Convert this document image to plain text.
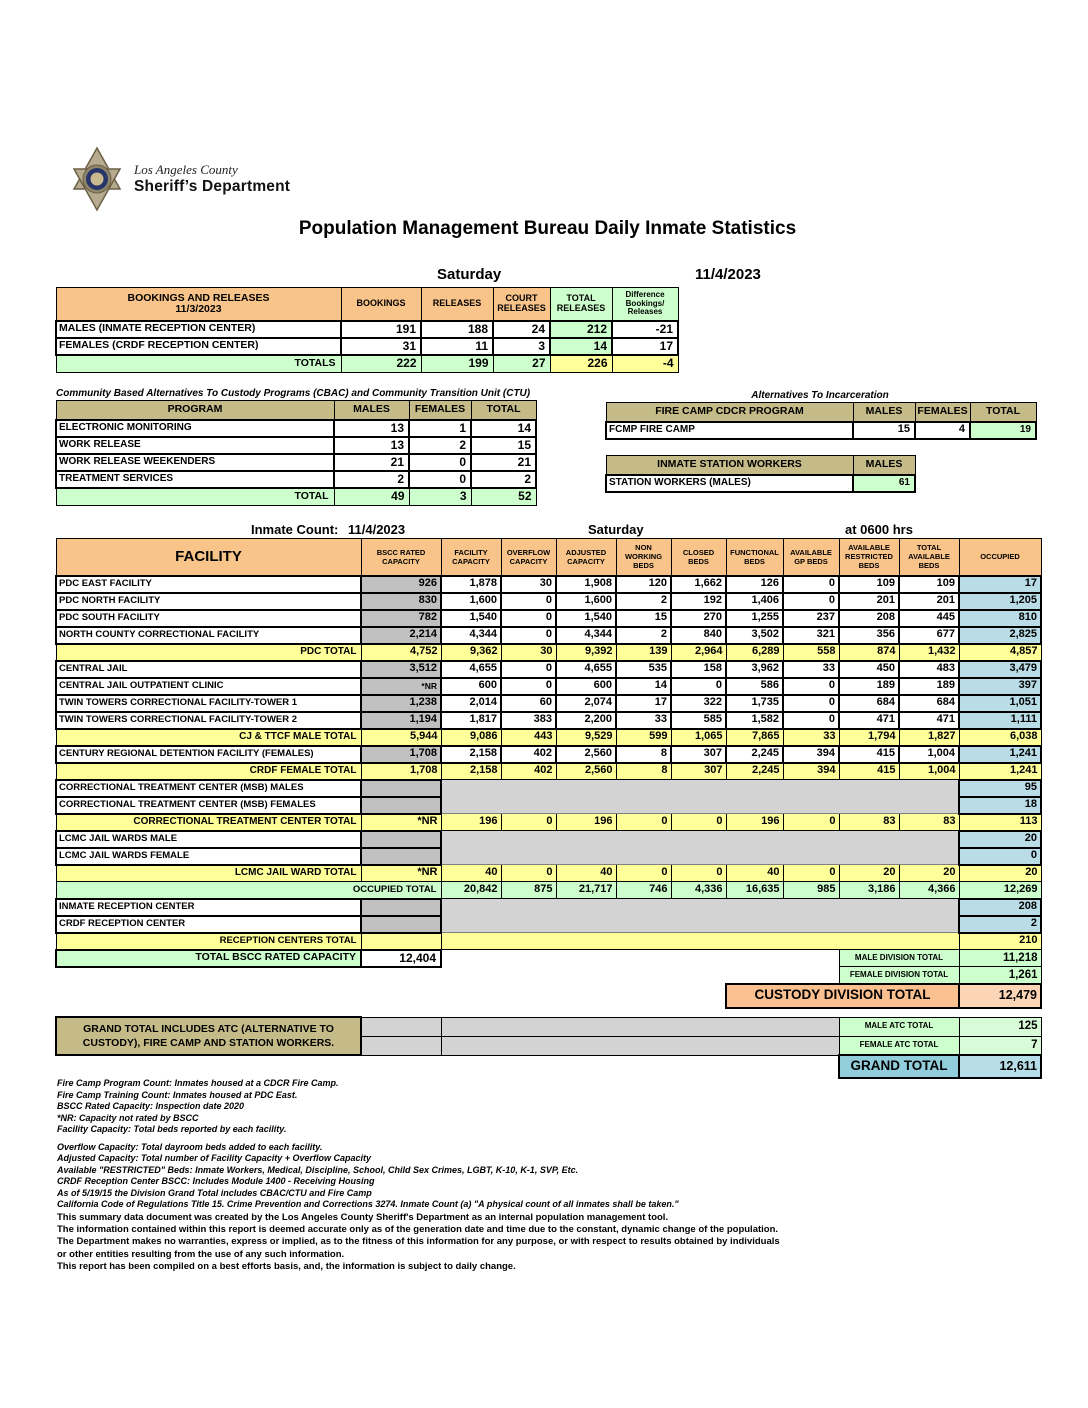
Los Angeles County
Sheriff’s Department
Population Management Bureau Daily Inmate Statistics
Saturday	11/4/2023
BOOKINGS AND RELEASES
11/3/2023	BOOKINGS	RELEASES	COURT RELEASES	TOTAL RELEASES	Difference Bookings/ Releases
MALES (INMATE RECEPTION CENTER)	191	188	24	212	-21
FEMALES (CRDF RECEPTION CENTER)	31	11	3	14	17
TOTALS	222	199	27	226	-4
Community Based Alternatives To Custody Programs (CBAC) and Community Transition Unit (CTU)
PROGRAM	MALES	FEMALES	TOTAL
ELECTRONIC MONITORING	13	1	14
WORK RELEASE	13	2	15
WORK RELEASE WEEKENDERS	21	0	21
TREATMENT SERVICES	2	0	2
TOTAL	49	3	52
Alternatives To Incarceration
FIRE CAMP CDCR PROGRAM	MALES	FEMALES	TOTAL
FCMP FIRE CAMP	15	4	19
INMATE STATION WORKERS	MALES
STATION WORKERS (MALES)	61
Inmate Count: 11/4/2023	Saturday	at 0600 hrs
FACILITY	BSCC RATED CAPACITY	FACILITY CAPACITY	OVERFLOW CAPACITY	ADJUSTED CAPACITY	NON WORKING BEDS	CLOSED BEDS	FUNCTIONAL BEDS	AVAILABLE GP BEDS	AVAILABLE RESTRICTED BEDS	TOTAL AVAILABLE BEDS	OCCUPIED
PDC EAST FACILITY	926	1,878	30	1,908	120	1,662	126	0	109	109	17
PDC NORTH FACILITY	830	1,600	0	1,600	2	192	1,406	0	201	201	1,205
PDC SOUTH FACILITY	782	1,540	0	1,540	15	270	1,255	237	208	445	810
NORTH COUNTY CORRECTIONAL FACILITY	2,214	4,344	0	4,344	2	840	3,502	321	356	677	2,825
PDC TOTAL	4,752	9,362	30	9,392	139	2,964	6,289	558	874	1,432	4,857
CENTRAL JAIL	3,512	4,655	0	4,655	535	158	3,962	33	450	483	3,479
CENTRAL JAIL OUTPATIENT CLINIC	*NR	600	0	600	14	0	586	0	189	189	397
TWIN TOWERS CORRECTIONAL FACILITY-TOWER 1	1,238	2,014	60	2,074	17	322	1,735	0	684	684	1,051
TWIN TOWERS CORRECTIONAL FACILITY-TOWER 2	1,194	1,817	383	2,200	33	585	1,582	0	471	471	1,111
CJ & TTCF MALE TOTAL	5,944	9,086	443	9,529	599	1,065	7,865	33	1,794	1,827	6,038
CENTURY REGIONAL DETENTION FACILITY (FEMALES)	1,708	2,158	402	2,560	8	307	2,245	394	415	1,004	1,241
CRDF FEMALE TOTAL	1,708	2,158	402	2,560	8	307	2,245	394	415	1,004	1,241
CORRECTIONAL TREATMENT CENTER (MSB) MALES											95
CORRECTIONAL TREATMENT CENTER (MSB) FEMALES											18
CORRECTIONAL TREATMENT CENTER TOTAL	*NR	196	0	196	0	0	196	0	83	83	113
LCMC JAIL WARDS MALE											20
LCMC JAIL WARDS FEMALE											0
LCMC JAIL WARD TOTAL	*NR	40	0	40	0	0	40	0	20	20	20
OCCUPIED TOTAL		20,842	875	21,717	746	4,336	16,635	985	3,186	4,366	12,269
INMATE RECEPTION CENTER											208
CRDF RECEPTION CENTER											2
RECEPTION CENTERS TOTAL											210
TOTAL BSCC RATED CAPACITY	12,404								MALE DIVISION TOTAL		11,218
									FEMALE DIVISION TOTAL		1,261
							CUSTODY DIVISION TOTAL				12,479
GRAND TOTAL INCLUDES ATC (ALTERNATIVE TO CUSTODY), FIRE CAMP AND STATION WORKERS.			MALE ATC TOTAL	125
			FEMALE ATC TOTAL	7
			GRAND TOTAL	12,611
Fire Camp Program Count: Inmates housed at a CDCR Fire Camp.
Fire Camp Training Count: Inmates housed at PDC East.
BSCC Rated Capacity: Inspection date 2020
*NR: Capacity not rated by BSCC
Facility Capacity: Total beds reported by each facility.
Overflow Capacity: Total dayroom beds added to each facility.
Adjusted Capacity: Total number of Facility Capacity + Overflow Capacity
Available "RESTRICTED" Beds: Inmate Workers, Medical, Discipline, School, Child Sex Crimes, LGBT, K-10, K-1, SVP, Etc.
CRDF Reception Center BSCC: Includes Module 1400 - Receiving Housing
As of 5/19/15 the Division Grand Total includes CBAC/CTU and Fire Camp
California Code of Regulations Title 15. Crime Prevention and Corrections 3274. Inmate Count (a) "A physical count of all inmates shall be taken."
This summary data document was created by the Los Angeles County Sheriff's Department as an internal population management tool.
The information contained within this report is deemed accurate only as of the generation date and time due to the constant, dynamic change of the population.
The Department makes no warranties, express or implied, as to the fitness of this information for any purpose, or with respect to results obtained by individuals
or other entities resulting from the use of any such information.
This report has been compiled on a best efforts basis, and, the information is subject to daily change.
